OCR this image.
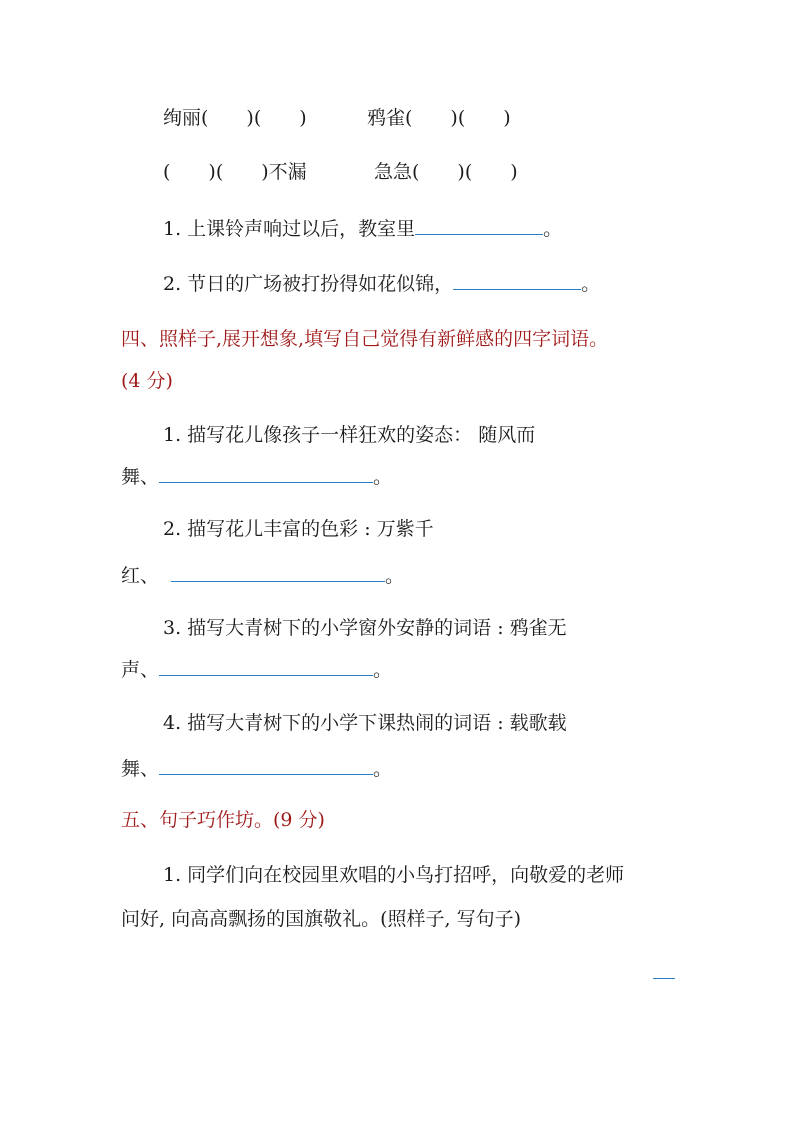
绚丽(　　)(　　)	鸦雀(　　)(　　)
(　　)(　　)不漏	急急(　　)(　　)
1. 上课铃声响过以后，教室里	。
2. 节日的广场被打扮得如花似锦，	。
四、照样子,展开想象,填写自己觉得有新鲜感的四字词语。
(4 分)
1. 描写花儿像孩子一样狂欢的姿态： 随风而
舞、	。
2. 描写花儿丰富的色彩 : 万紫千
红、	。
3. 描写大青树下的小学窗外安静的词语 : 鸦雀无
声、	。
4. 描写大青树下的小学下课热闹的词语 : 载歌载
舞、	。
五、句子巧作坊。(9 分)
1. 同学们向在校园里欢唱的小鸟打招呼，向敬爱的老师
问好, 向高高飘扬的国旗敬礼。(照样子, 写句子)
